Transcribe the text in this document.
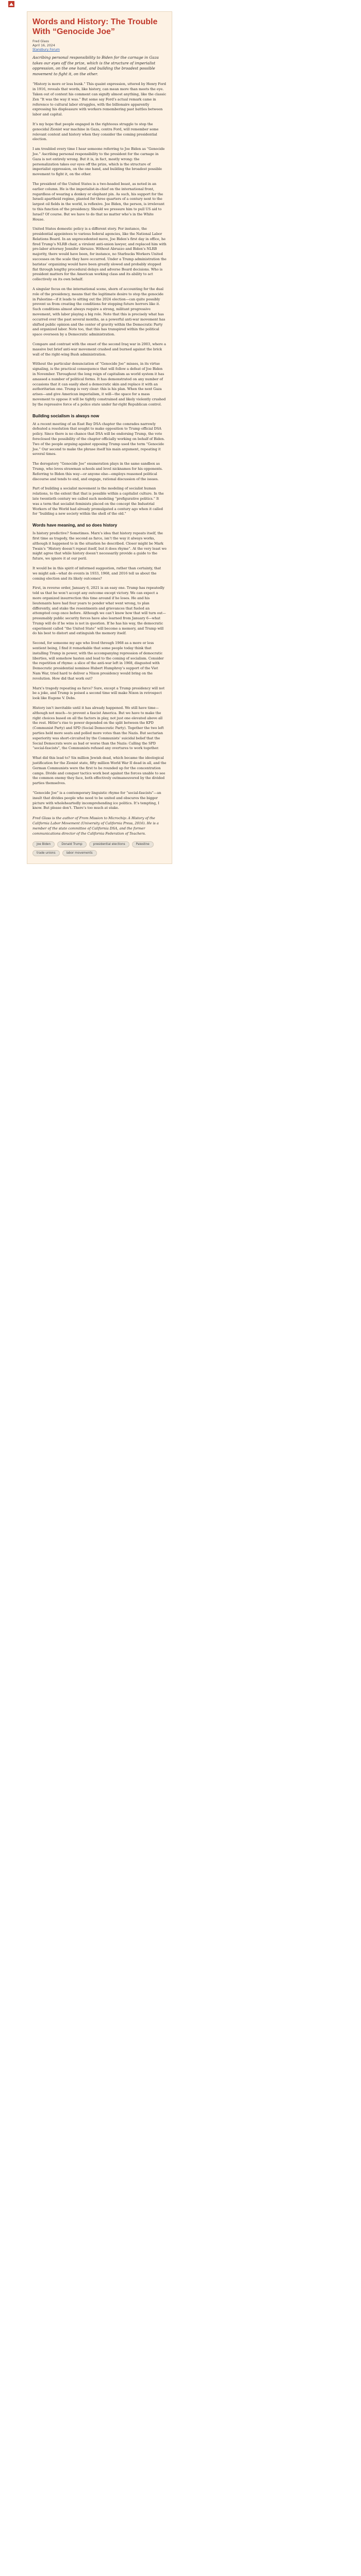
Words and History: The Trouble With “Genocide Joe”
Fred Glass
April 16, 2024
Stansbury Forum

Ascribing personal responsibility to Biden for the carnage in Gaza takes our eyes off the prize, which is the structure of imperialist oppression, on the one hand, and building the broadest possible movement to fight it, on the other.

“History is more or less bunk.” This quaint expression, uttered by Henry Ford in 1916, reveals that words, like history, can mean more than meets the eye. Taken out of context his comment can signify almost anything, like the classic Zen “It was the way it was.” But some say Ford’s actual remark came in reference to cultural labor struggles, with the billionaire apparently expressing his displeasure with workers remembering past battles between labor and capital.

It’s my hope that people engaged in the righteous struggle to stop the genocidal Zionist war machine in Gaza, contra Ford, will remember some relevant context and history when they consider the coming presidential election.

I am troubled every time I hear someone referring to Joe Biden as “Genocide Joe.” Ascribing personal responsibility to the president for the carnage in Gaza is not entirely wrong. But it is, in fact, mostly wrong: the personalization takes our eyes off the prize, which is the structure of imperialist oppression, on the one hand, and building the broadest possible movement to fight it, on the other.

The president of the United States is a two-headed beast, as noted in an earlier column. He is the imperialist-in-chief on the international front, regardless of wearing a donkey or elephant pin. As such, his support for the Israeli apartheid regime, planted for three quarters of a century next to the largest oil fields in the world, is reflexive. Joe Biden, the person, is irrelevant to this function of the presidency. Should we pressure him to pull US aid to Israel? Of course. But we have to do that no matter who’s in the White House.

United States domestic policy is a different story. For instance, the presidential appointees to various federal agencies, like the National Labor Relations Board. In an unprecedented move, Joe Biden’s first day in office, he fired Trump’s NLRB chair, a virulent anti-union lawyer, and replaced him with pro-labor attorney Jennifer Abruzzo. Without Abruzzo and Biden’s NLRB majority, there would have been, for instance, no Starbucks Workers United successes on the scale they have occurred. Under a Trump administration the baristas’ organizing would have been greatly slowed and probably stopped flat through lengthy procedural delays and adverse Board decisions. Who is president matters for the American working class and its ability to act collectively on its own behalf.

A singular focus on the international scene, shorn of accounting for the dual role of the presidency, means that the legitimate desire to stop the genocide in Palestine—if it leads to sitting out the 2024 election—can quite possibly prevent us from creating the conditions for stopping future horrors like it. Such conditions almost always require a strong, militant progressive movement, with labor playing a big role. Note that this is precisely what has occurred over the past several months, as a powerful anti-war movement has shifted public opinion and the center of gravity within the Democratic Party and organized labor. Note too, that this has transpired within the political space overseen by a Democratic administration.

Compare and contrast with the onset of the second Iraq war in 2003, where a massive but brief anti-war movement crashed and burned against the brick wall of the right-wing Bush administration.

Without the particular denunciation of “Genocide Joe” misses, in its virtue signaling, is the practical consequence that will follow a defeat of Joe Biden in November. Throughout the long reign of capitalism as world system it has amassed a number of political forms. It has demonstrated on any number of occasions that it can easily shed a democratic skin and replace it with an authoritarian one. Trump is very clear: this is his plan. When the next Gaza arises—and give American imperialism, it will—the space for a mass movement to oppose it will be tightly constrained and likely violently crushed by the repressive force of a police state under far-right Republican control.

Building socialism is always now

At a recent meeting of an East Bay DSA chapter the comrades narrowly defeated a resolution that sought to make opposition to Trump official DSA policy. Since there is no chance that DSA will be endorsing Trump, the vote foreclosed the possibility of the chapter officially working on behalf of Biden. Two of the people arguing against opposing Trump used the term “Genocide Joe.” Our second to make the phrase itself his main argument, repeating it several times.

The derogatory “Genocide Joe” enumeration plays in the same sandbox as Trump, who loves strawman schools and level nicknames for his opponents. Referring to Biden this way—or anyone else—employs reasoned political discourse and tends to end, and engage, rational discussion of the issues.

Part of building a socialist movement is the modeling of socialist human relations, to the extent that that is possible within a capitalist culture. In the late twentieth century we called such modeling “prefigurative politics.” It was a term that socialist feminists placed on the concept the Industrial Workers of the World had already promulgated a century ago when it called for “building a new society within the shell of the old.”

Words have meaning, and so does history

Is history predictive? Sometimes. Marx’s idea that history repeats itself, the first time as tragedy, the second as farce, isn’t the way it always works, although it happened to in the situation he described. Closer might be Mark Twain’s “History doesn’t repeat itself, but it does rhyme”. At the very least we might agree that while history doesn’t necessarily provide a guide to the future, we ignore it at our peril.

It would be in this spirit of informed suggestion, rather than certainty, that we might ask—what do events in 1933, 1968, and 2016 tell us about the coming election and its likely outcomes?

First, in reverse order, January 6, 2021 is an easy one. Trump has repeatedly told us that he won’t accept any outcome except victory. We can expect a more organized insurrection this time around if he loses. He and his lieutenants have had four years to ponder what went wrong, to plan differently, and stake the resentments and grievances that fueled an attempted coup once before. Although we can’t know how that will turn out—presumably public security forces have also learned from January 6—what Trump will do if he wins is not in question. If he has his way, the democratic experiment called “the United State” will become a memory, and Trump will do his best to distort and extinguish the memory itself.

Second, for someone my age who lived through 1968 as a more or less sentient being, I find it remarkable that some people today think that installing Trump in power, with the accompanying repression of democratic liberties, will somehow hasten and lead to the coming of socialism. Consider the repetition of rhyme: a slice of the anti-war left in 1968, disgusted with Democratic presidential nominee Hubert Humphrey’s support of the Viet Nam War, tried hard to deliver a Nixon presidency would bring on the revolution. How did that work out?

Marx’s tragedy repeating as farce? Sure, except a Trump presidency will not be a joke, and Trump is poised a second time will make Nixon in retrospect look like Eugene V. Debs.

History isn’t inevitable until it has already happened. We still have time—although not much—to prevent a fascist America. But we have to make the right choices based on all the factors in play, not just one elevated above all the rest. Hitler’s rise to power depended on the split between the KPD (Communist Party) and SPD (Social Democratic Party). Together the two left parties held more seats and polled more votes than the Nazis. But sectarian superiority was short-circuited by the Communists’ suicidal belief that the Social Democrats were as bad or worse than the Nazis: Calling the SPD “social-fascists”, the Communists refused any overtures to work together.

What did this lead to? Six million Jewish dead, which became the ideological justification for the Zionist state, fifty million World War II dead in all, and the German Communists were the first to be rounded up for the concentration camps. Divide and conquer tactics work best against the forces unable to see the common enemy they face, both effectively outmaneuvered by the divided parties themselves.

“Genocide Joe” is a contemporary linguistic rhyme for “social-fascists”—an insult that divides people who need to be united and obscures the bigger picture with wholeheartedly incomprehending ice politics. It’s tempting, I know. But please don’t. There’s too much at stake.

Fred Glass is the author of From Mission to Microchip: A History of the California Labor Movement (University of California Press, 2016). He is a member of the state committee of California DSA, and the former communications director of the California Federation of Teachers.

Joe Biden	Donald Trump	presidential elections	Palestine
trade unions	labor movements
